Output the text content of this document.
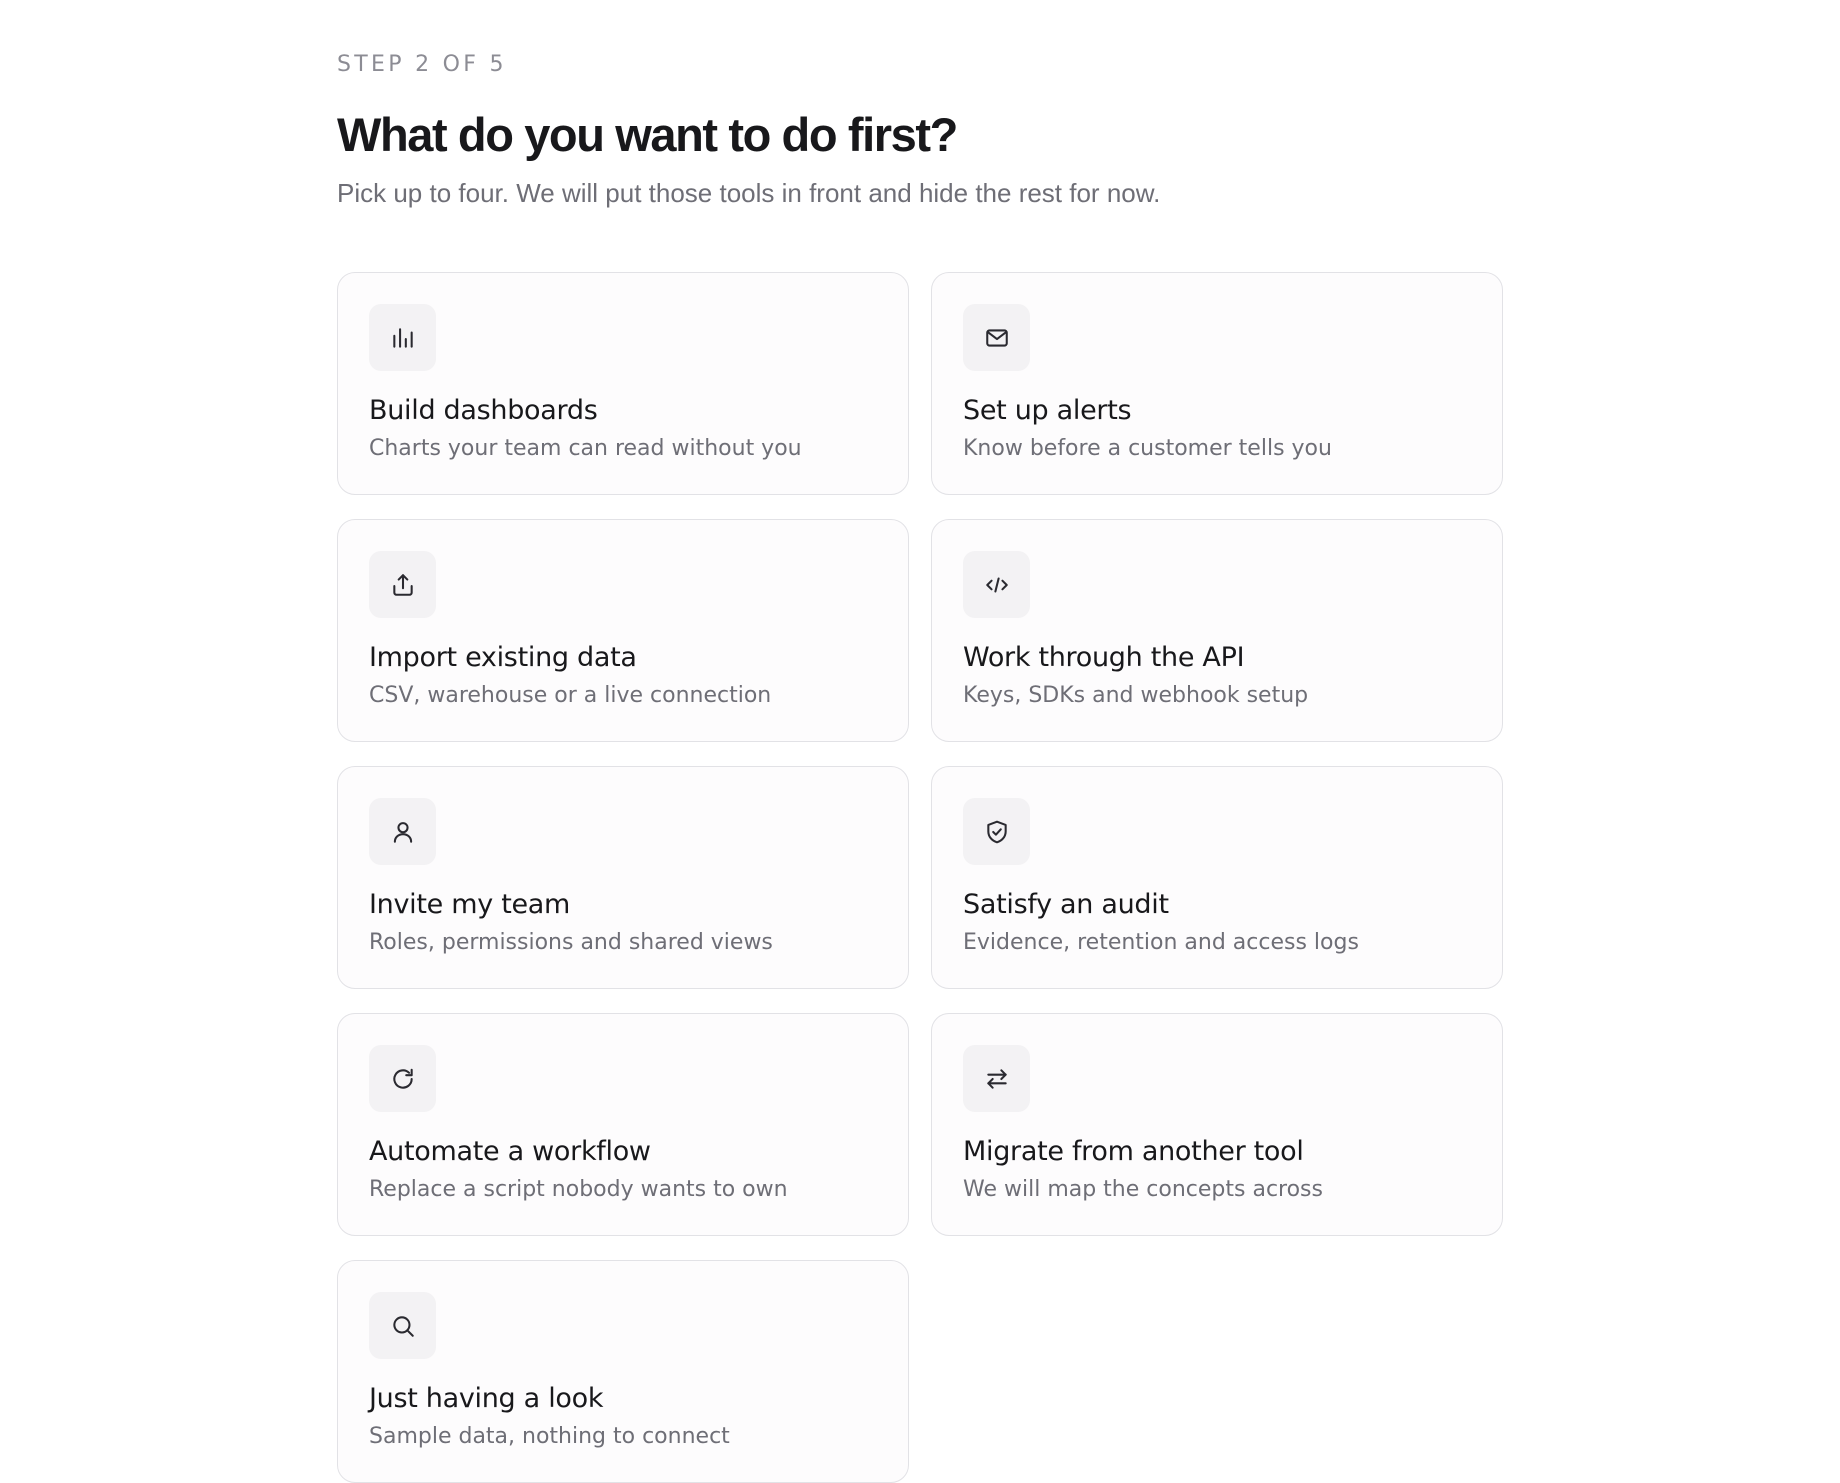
STEP 2 OF 5
What do you want to do first?

Pick up to four. We will put those tools in front and hide the rest for now.

Build dashboards
Charts your team can read without you
Set up alerts
Know before a customer tells you
Import existing data
CSV, warehouse or a live connection
Work through the API
Keys, SDKs and webhook setup
Invite my team
Roles, permissions and shared views
Satisfy an audit
Evidence, retention and access logs
Automate a workflow
Replace a script nobody wants to own
Migrate from another tool
We will map the concepts across
Just having a look
Sample data, nothing to connect
